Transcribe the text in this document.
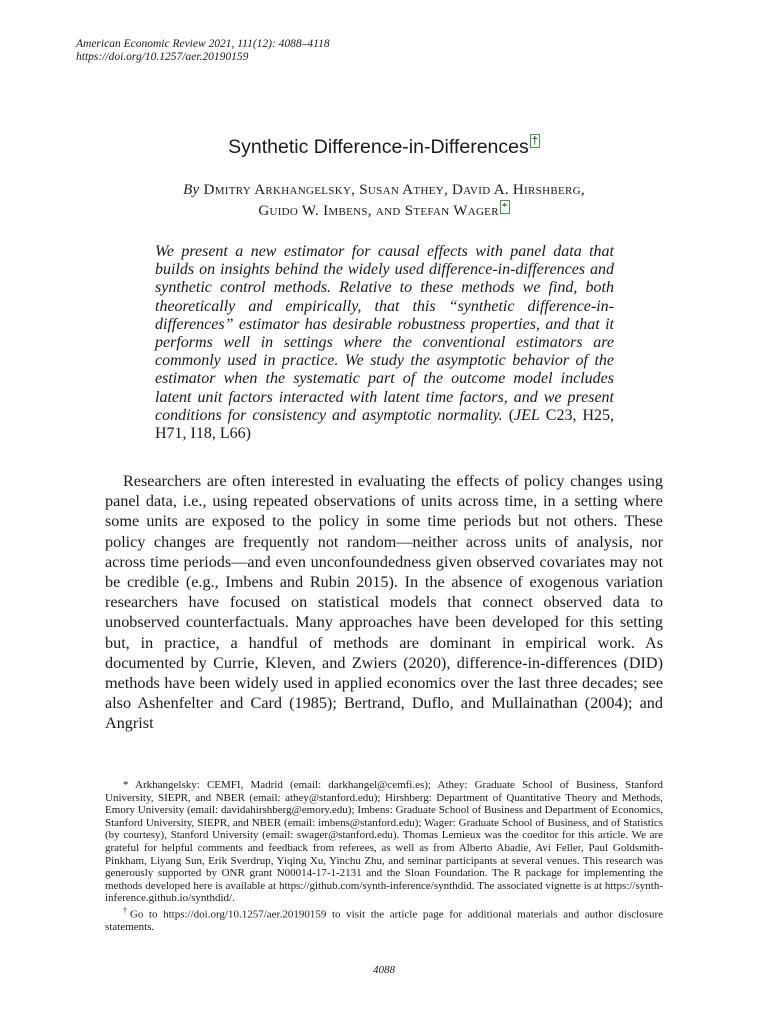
American Economic Review 2021, 111(12): 4088–4118
https://doi.org/10.1257/aer.20190159
Synthetic Difference-in-Differences †
By Dmitry Arkhangelsky, Susan Athey, David A. Hirshberg,
Guido W. Imbens, and Stefan Wager *
We present a new estimator for causal effects with panel data that builds on insights behind the widely used difference-in-differences and synthetic control methods. Relative to these methods we find, both theoretically and empirically, that this “synthetic difference-in-differences” estimator has desirable robustness properties, and that it performs well in settings where the conventional estimators are commonly used in practice. We study the asymptotic behavior of the estimator when the systematic part of the outcome model includes latent unit factors interacted with latent time factors, and we present conditions for consistency and asymptotic normality. (JEL C23, H25, H71, I18, L66)
Researchers are often interested in evaluating the effects of policy changes using panel data, i.e., using repeated observations of units across time, in a setting where some units are exposed to the policy in some time periods but not others. These policy changes are frequently not random—neither across units of analysis, nor across time periods—and even unconfoundedness given observed covariates may not be credible (e.g., Imbens and Rubin 2015). In the absence of exogenous variation researchers have focused on statistical models that connect observed data to unobserved counterfactuals. Many approaches have been developed for this setting but, in practice, a handful of methods are dominant in empirical work. As documented by Currie, Kleven, and Zwiers (2020), difference-in-differences (DID) methods have been widely used in applied economics over the last three decades; see also Ashenfelter and Card (1985); Bertrand, Duflo, and Mullainathan (2004); and Angrist

* Arkhangelsky: CEMFI, Madrid (email: darkhangel@cemfi.es); Athey: Graduate School of Business, Stanford University, SIEPR, and NBER (email: athey@stanford.edu); Hirshberg: Department of Quantitative Theory and Methods, Emory University (email: davidahirshberg@emory.edu); Imbens: Graduate School of Business and Department of Economics, Stanford University, SIEPR, and NBER (email: imbens@stanford.edu); Wager: Graduate School of Business, and of Statistics (by courtesy), Stanford University (email: swager@stanford.edu). Thomas Lemieux was the coeditor for this article. We are grateful for helpful comments and feedback from referees, as well as from Alberto Abadie, Avi Feller, Paul Goldsmith-Pinkham, Liyang Sun, Erik Sverdrup, Yiqing Xu, Yinchu Zhu, and seminar participants at several venues. This research was generously supported by ONR grant N00014-17-1-2131 and the Sloan Foundation. The R package for implementing the methods developed here is available at https://github.com/synth-inference/synthdid. The associated vignette is at https://synth-inference.github.io/synthdid/.

†Go to https://doi.org/10.1257/aer.20190159 to visit the article page for additional materials and author disclosure statements.

4088
